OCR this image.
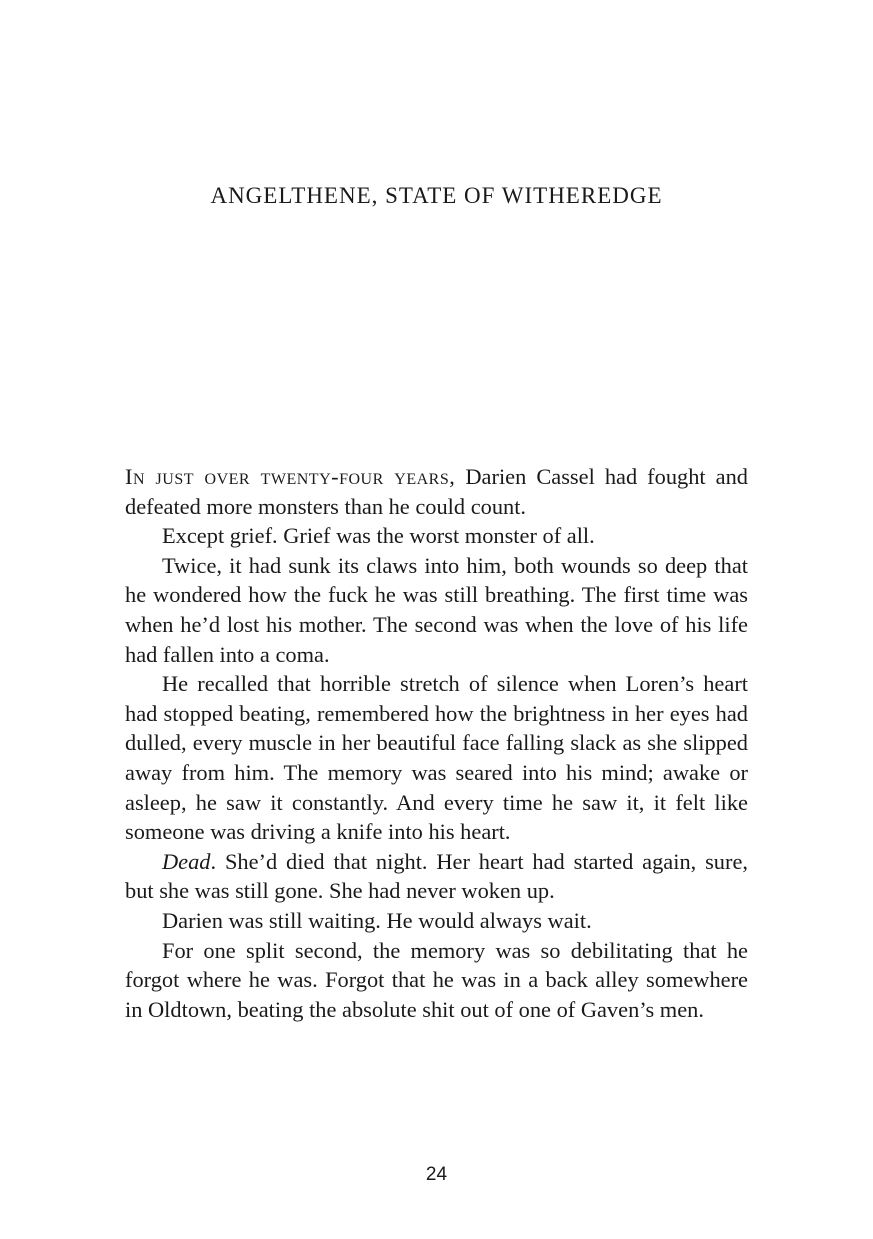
ANGELTHENE, STATE OF WITHEREDGE

In just over twenty-four years, Darien Cassel had fought and defeated more monsters than he could count.

Except grief. Grief was the worst monster of all.

Twice, it had sunk its claws into him, both wounds so deep that he wondered how the fuck he was still breathing. The first time was when he’d lost his mother. The second was when the love of his life had fallen into a coma.

He recalled that horrible stretch of silence when Loren’s heart had stopped beating, remembered how the brightness in her eyes had dulled, every muscle in her beautiful face falling slack as she slipped away from him. The memory was seared into his mind; awake or asleep, he saw it constantly. And every time he saw it, it felt like someone was driving a knife into his heart.

Dead. She’d died that night. Her heart had started again, sure, but she was still gone. She had never woken up.

Darien was still waiting. He would always wait.

For one split second, the memory was so debilitating that he forgot where he was. Forgot that he was in a back alley somewhere in Oldtown, beating the absolute shit out of one of Gaven’s men.

24
